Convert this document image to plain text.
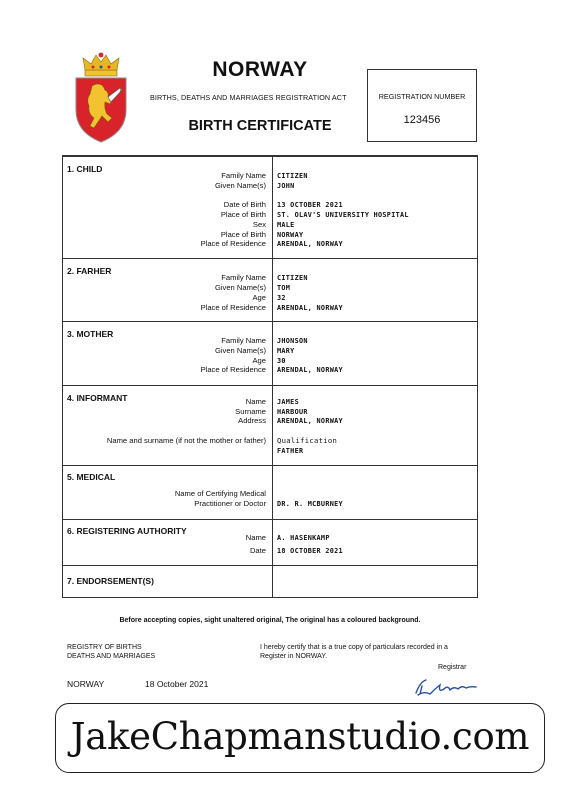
NORWAY
BIRTHS, DEATHS AND MARRIAGES REGISTRATION ACT
BIRTH CERTIFICATE
REGISTRATION NUMBER
123456
1. CHILD
Family Name CITIZEN
Given Name(s) JOHN
Date of Birth 13 OCTOBER 2021
Place of Birth ST. OLAV'S UNIVERSITY HOSPITAL
Sex MALE
Place of Birth NORWAY
Place of Residence ARENDAL, NORWAY
2. FARHER
Family Name CITIZEN
Given Name(s) TOM
Age 32
Place of Residence ARENDAL, NORWAY
3. MOTHER
Family Name JHONSON
Given Name(s) MARY
Age 30
Place of Residence ARENDAL, NORWAY
4. INFORMANT	Name JAMES
Surname HARBOUR
Address ARENDAL, NORWAY
Name and surname (if not the mother or father) Qualification
FATHER
5. MEDICAL
Name of Certifying Medical
Practitioner or Doctor DR. R. MCBURNEY
6. REGISTERING AUTHORITY
Name A. HASENKAMP
Date 18 OCTOBER 2021
7. ENDORSEMENT(S)
Before accepting copies, sight unaltered original, The original has a coloured background.
REGISTRY OF BIRTHS
DEATHS AND MARRIAGES
I hereby certify that is a true copy of particulars recorded in a
Register in NORWAY.
Registrar
NORWAY	18 October 2021
JakeChapmanstudio.com
